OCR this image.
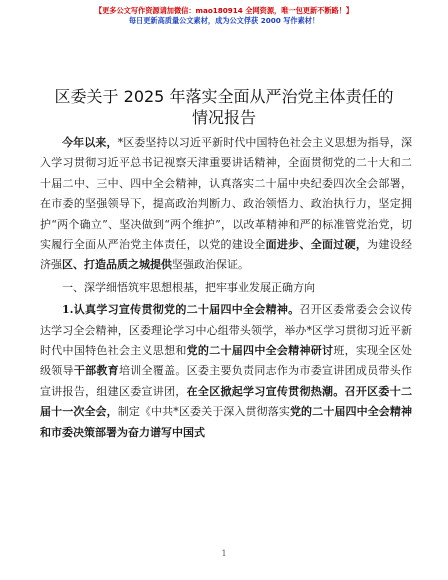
【更多公文写作资源请加微信：mao180914 全网资源，唯一包更新不断路！】
每日更新高质量公文素材，成为公文俘获 2000 写作素材！
区委关于 2025 年落实全面从严治党主体责任的
情况报告

今年以来，*区委坚持以习近平新时代中国特色社会主义思想为指导，深入学习贯彻习近平总书记视察天津重要讲话精神，全面贯彻党的二十大和二十届二中、三中、四中全会精神，认真落实二十届中央纪委四次全会部署，在市委的坚强领导下，提高政治判断力、政治领悟力、政治执行力，坚定拥护“两个确立”、坚决做到“两个维护”，以改革精神和严的标准管党治党，切实履行全面从严治党主体责任，以党的建设全面进步、全面过硬，为建设经济强区、打造品质之城提供坚强政治保证。

一、深学细悟筑牢思想根基，把牢事业发展正确方向

1.认真学习宣传贯彻党的二十届四中全会精神。召开区委常委会会议传达学习全会精神，区委理论学习中心组带头领学，举办*区学习贯彻习近平新时代中国特色社会主义思想和党的二十届四中全会精神研讨班，实现全区处级领导干部教育培训全覆盖。区委主要负责同志作为市委宣讲团成员带头作宣讲报告，组建区委宣讲团，在全区掀起学习宣传贯彻热潮。召开区委十二届十一次全会，制定《中共*区委关于深入贯彻落实党的二十届四中全会精神和市委决策部署为奋力谱写中国式

1
